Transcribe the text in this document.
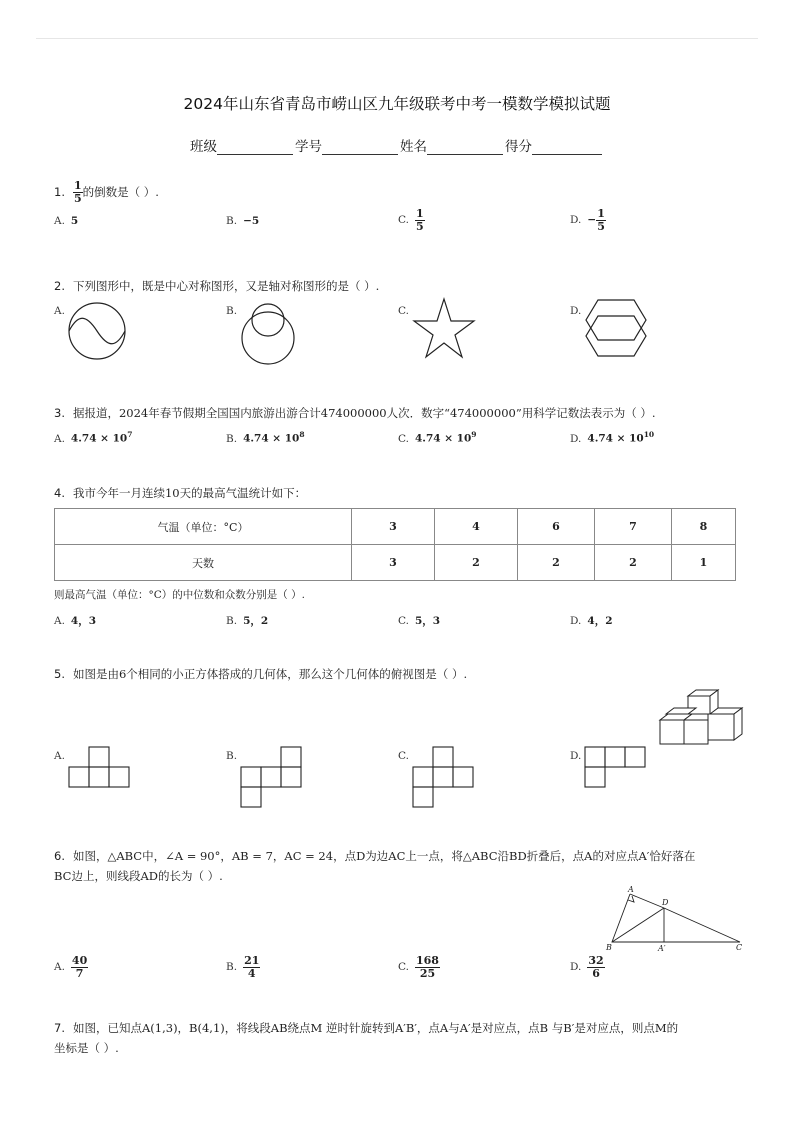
2024年山东省青岛市崂山区九年级联考中考一模数学模拟试题
班级	学号	姓名	得分
1. $\frac{1}{5}$ 的倒数是（ ）.
A. 5	B. −5	C. $\frac{1}{5}$	D. − $\frac{1}{5}$
2. 下列图形中，既是中心对称图形，又是轴对称图形的是（ ）.
A.	B.	C.	D.
3. 据报道，2024年春节假期全国国内旅游出游合计474000000人次．数字“474000000”用科学记数法表示为（ ）.
A. $4.74 \times 10^7$	B. $4.74 \times 10^8$	C. $4.74 \times 10^9$	D. $4.74 \times 10^{10}$
4. 我市今年一月连续10天的最高气温统计如下：
气温（单位：°C）	3	4	6	7	8
天数	3	2	2	2	1
则最高气温（单位：°C）的中位数和众数分别是（ ）.
A. 4，3	B. 5，2	C. 5，3	D. 4，2
5. 如图是由6个相同的小正方体搭成的几何体，那么这个几何体的俯视图是（ ）.
A.	B.	C.	D.
6. 如图，△ABC中，∠A = 90°，AB = 7，AC = 24，点D为边AC上一点，将△ABC沿BD折叠后，点A的对应点A′恰好落在
BC边上，则线段AD的长为（ ）.
A
D
B	A′	C
A. $\frac{40}{7}$	B. $\frac{21}{4}$	C. $\frac{168}{25}$	D. $\frac{32}{6}$
7. 如图，已知点A(1,3)，B(4,1)，将线段AB绕点M 逆时针旋转到A′B′，点A与A′是对应点，点B 与B′是对应点，则点M的
坐标是（ ）.
